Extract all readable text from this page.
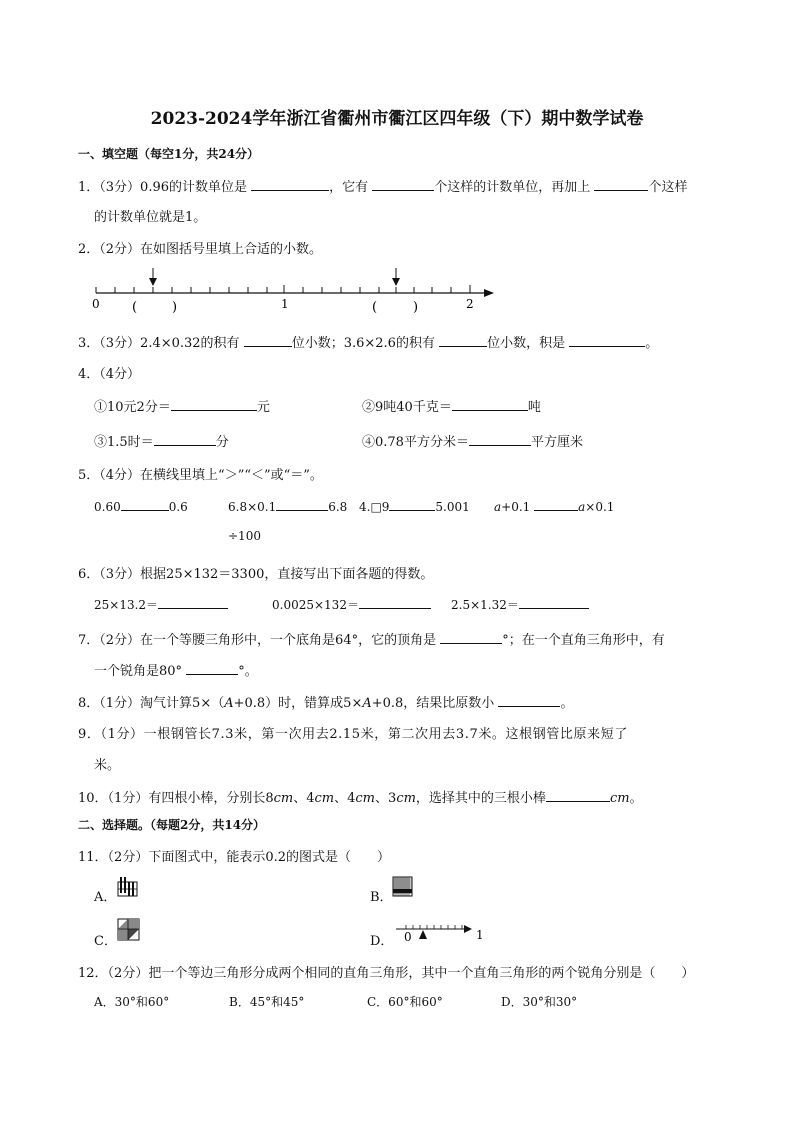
2023-2024学年浙江省衢州市衢江区四年级（下）期中数学试卷
一、填空题（每空1分，共24分）
1．（3分）0.96的计数单位是	，它有	个这样的计数单位，再加上	个这样
的计数单位就是1。
2．（2分）在如图括号里填上合适的小数。
0	1	2
(	)	(	)
3．（3分）2.4×0.32的积有	位小数；3.6×2.6的积有	位小数，积是	。
4．（4分）
①10元2分＝	元	②9吨40千克＝	吨
③1.5时＝	分	④0.78平方分米＝	平方厘米
5．（4分）在横线里填上“＞”“＜”或“＝”。
0.60	0.6	6.8×0.1	6.8 4.□9	5.001 a+0.1	a×0.1
÷100
6．（3分）根据25×132＝3300，直接写出下面各题的得数。
25×13.2＝	0.0025×132＝	2.5×1.32＝
7．（2分）在一个等腰三角形中，一个底角是64°，它的顶角是	°；在一个直角三角形中，有
一个锐角是80°	°。
8．（1分）淘气计算5×（A+0.8）时，错算成5×A+0.8，结果比原数小	。
9．（1分）一根钢管长7.3米，第一次用去2.15米，第二次用去3.7米。这根钢管比原来短了
米。
10．（1分）有四根小棒，分别长8cm、4cm、4cm、3cm，选择其中的三根小棒	cm。
二、选择题。（每题2分，共14分）
11．（2分）下面图式中，能表示0.2的图式是（　　）
A．	B．
C．	D． 0	1
12．（2分）把一个等边三角形分成两个相同的直角三角形，其中一个直角三角形的两个锐角分别是（　　）
A．30°和60°	B．45°和45°	C．60°和60°	D．30°和30°
